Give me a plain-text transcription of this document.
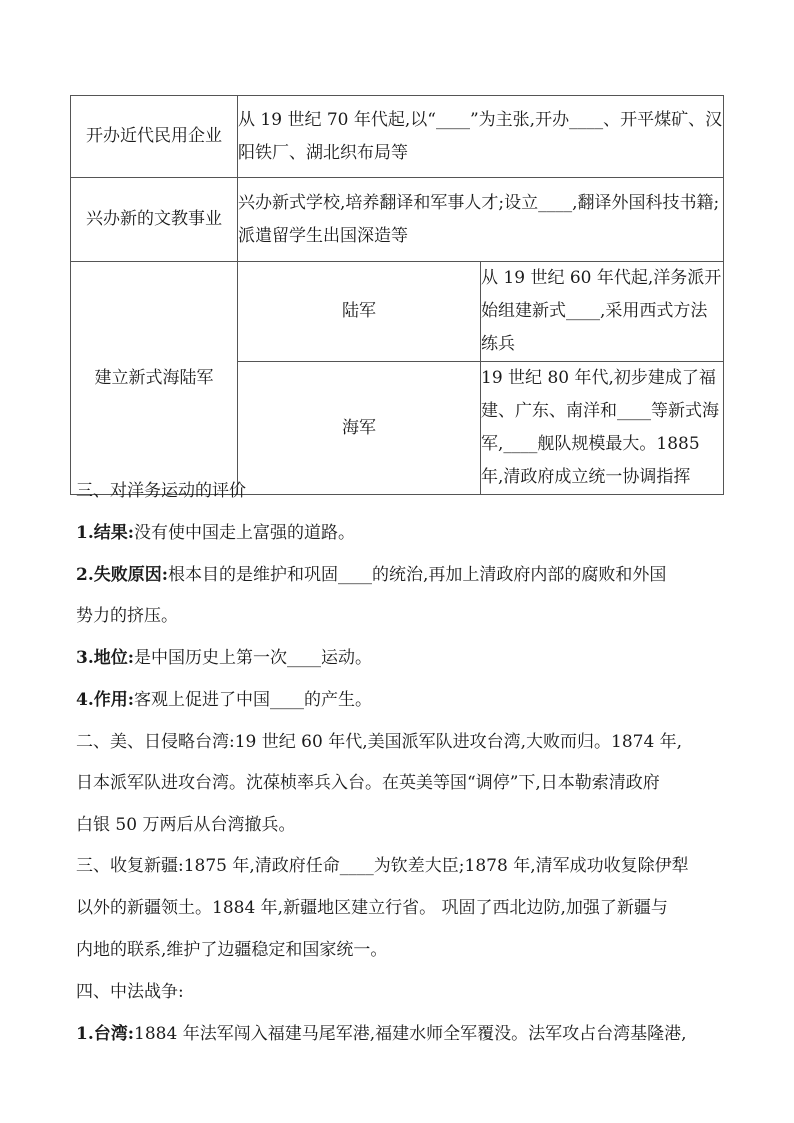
开办近代民用企业	从 19 世纪 70 年代起,以“____”为主张,开办____、开平煤矿、汉阳铁厂、湖北织布局等	
兴办新的文教事业	兴办新式学校,培养翻译和军事人才;设立____,翻译外国科技书籍;派遣留学生出国深造等	
建立新式海陆军	陆军	从 19 世纪 60 年代起,洋务派开始组建新式____,采用西式方法练兵
	海军	19 世纪 80 年代,初步建成了福建、广东、南洋和____等新式海军,____舰队规模最大。1885 年,清政府成立统一协调指挥
三、对洋务运动的评价
1.结果:没有使中国走上富强的道路。
2.失败原因:根本目的是维护和巩固____的统治,再加上清政府内部的腐败和外国
势力的挤压。
3.地位:是中国历史上第一次____运动。
4.作用:客观上促进了中国____的产生。
二、美、日侵略台湾:19 世纪 60 年代,美国派军队进攻台湾,大败而归。1874 年,
日本派军队进攻台湾。沈葆桢率兵入台。在英美等国“调停”下,日本勒索清政府
白银 50 万两后从台湾撤兵。
三、收复新疆:1875 年,清政府任命____为钦差大臣;1878 年,清军成功收复除伊犁
以外的新疆领土。1884 年,新疆地区建立行省。 巩固了西北边防,加强了新疆与
内地的联系,维护了边疆稳定和国家统一。
四、中法战争:
1.台湾:1884 年法军闯入福建马尾军港,福建水师全军覆没。法军攻占台湾基隆港,
